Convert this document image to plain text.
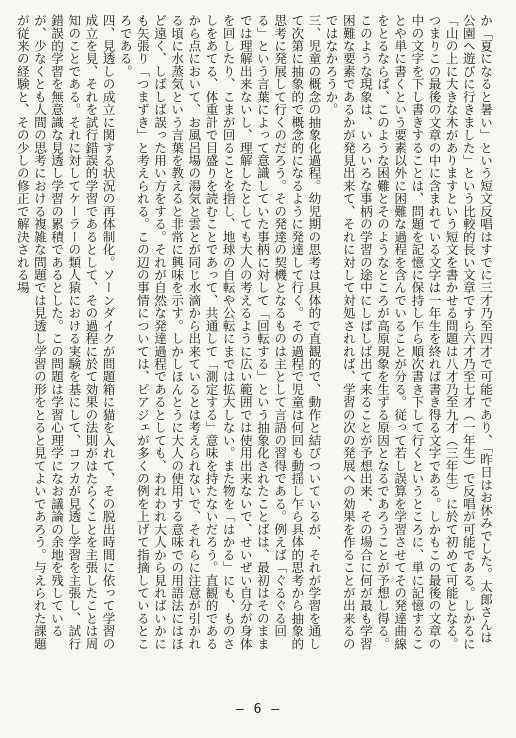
か「夏になると暑い」という短文反唱はすでに三才乃至四才で可能であり、「昨日はお休みでした。太郎さんは公園へ遊びに行きました」という比較的長い文章ですら六才乃至七才（一年生）で反唱が可能である。しかるに「山の上に大きな木がありますという短文を書かせる問題は八才乃至九才（三年生）に於て初めて可能となる。つまりこの最後の文章の中に含まれている文字は一年生を終れば書き得る文字である。しかもこの最後の文章の中の文字を下し書きすることは、問題を記憶に保持し乍ら順次書き下して行くというところに、単に記憶することや単に書くという要素以外に困難な過程を含んでいることが分る。従って若し誤算を学習させてその発達曲線をとるならば、このような困難とそのようなところが高原現象を生ずる原因となるであろうことが予想し得る。このような現象は、いろいろな事柄の学習の途中にしばしば出て来ることが予想出来、その場合に何が最も学習困難な要素であるかが発見出来て、それに対して対処されれば、学習の次の発展への効果を作ることが出来るのではなかろうか。
三、児童の概念の抽象化過程。幼児期の思考は具体的で直観的で、動作と結びついているが、それが学習を通して次第に抽象的で概念的になるように発達して行く。その過程で児童は何回も動揺し乍ら具体的思考から抽象的思考に発展して行くのだろう。その発達の契機となるものは主として言語の習得である。例えば「ぐるぐる回る」という言葉によって意識していた事柄に対して「回転する」という抽象化されたことばは、最初はそのままでは理解出来ないし、理解したとしても大人の考えるように広い範囲では使用出来ないで、せいぜい自分が身体を回したり、こまが回ることを指し、地球の自転や公転にまでは拡大しない。また物を「はかる」にも、ものさしをあてる、体重計で目盛りを読むことであって、共通して「測定する」意味を持たないだろう。直観的であるから点において、お風呂場の湯気と雲とが同じ水滴から出来ているとは考えられないで、それらに注意が引かれる頃に水蒸気という言葉を教えると非常に興味を示す。しかしほんとうに大人の使用する意味での用語法にはほど遠く、しばしば誤った用い方をする。それが自然な発達過程であるとしても、われわれ大人から見ればいかにも矢張り「つまずき」と考えられる。この辺の事情については、ピアジェが多くの例を上げて指摘しているところである。
四、見透しの成立に関する状況の再体制化。ソーンダイクが問題箱に猫を入れて、その脱出時間に依って学習の成立を見、それを試行錯誤的学習であるとして、その過程に於て効果の法則がはたらくことを主張したことは周知のことである。それに対してケーラーの類人猿における実験を基にして、コフカが見透し学習を主張し、試行錯誤的学習を無意識な見透し学習の累積であるとした。この問題は学習心理学になお議論の余地を残しているが、少なくとも人間の思考における複雑な問題では見透し学習の形をとると見てよいであろう。与えられた課題が従来の経験と、その少しの修正で解決される場
— 6 —
